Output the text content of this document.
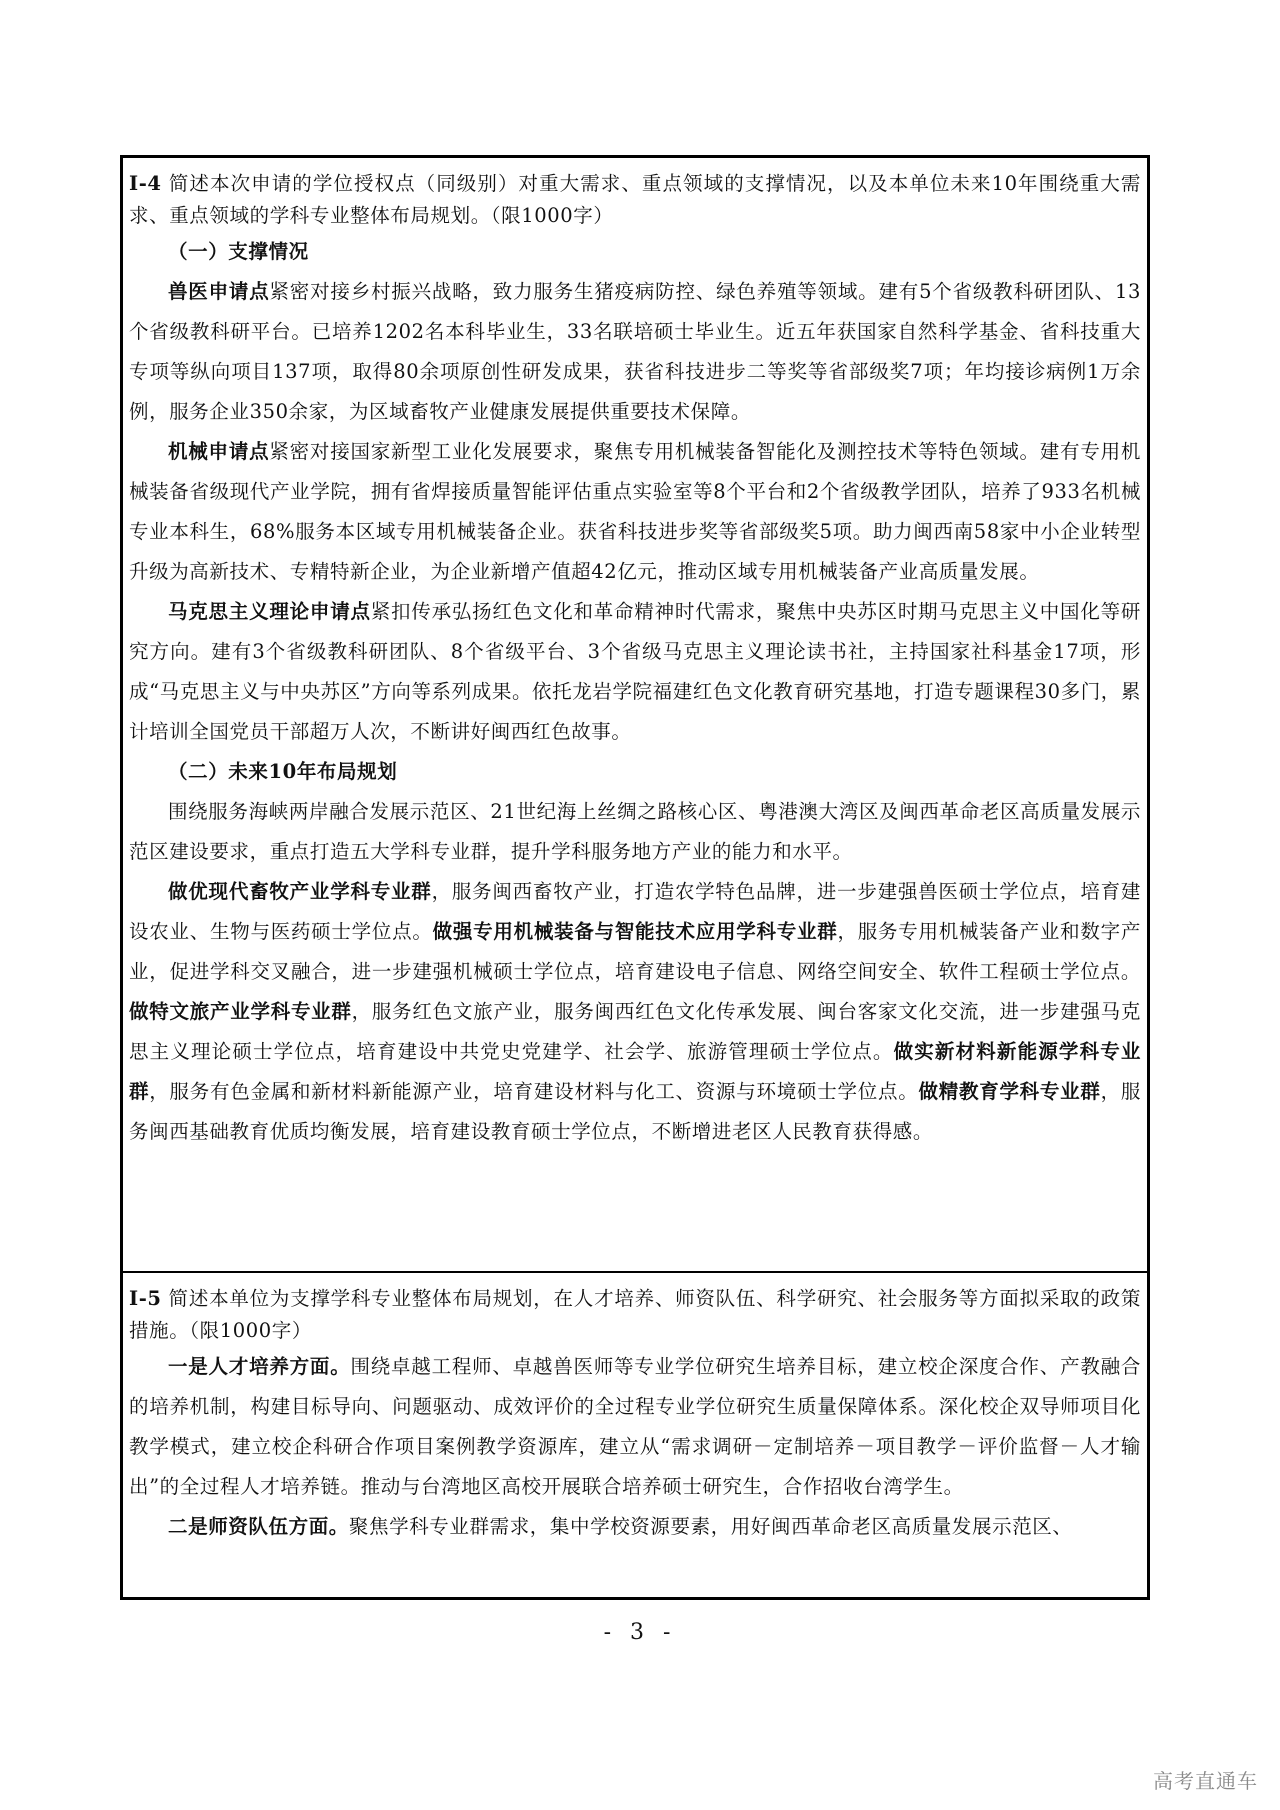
I-4 简述本次申请的学位授权点（同级别）对重大需求、重点领域的支撑情况，以及本单位未来10年围绕重大需求、重点领域的学科专业整体布局规划。（限1000字）

（一）支撑情况

兽医申请点紧密对接乡村振兴战略，致力服务生猪疫病防控、绿色养殖等领域。建有5个省级教科研团队、13个省级教科研平台。已培养1202名本科毕业生，33名联培硕士毕业生。近五年获国家自然科学基金、省科技重大专项等纵向项目137项，取得80余项原创性研发成果，获省科技进步二等奖等省部级奖7项；年均接诊病例1万余例，服务企业350余家，为区域畜牧产业健康发展提供重要技术保障。

机械申请点紧密对接国家新型工业化发展要求，聚焦专用机械装备智能化及测控技术等特色领域。建有专用机械装备省级现代产业学院，拥有省焊接质量智能评估重点实验室等8个平台和2个省级教学团队，培养了933名机械专业本科生，68%服务本区域专用机械装备企业。获省科技进步奖等省部级奖5项。助力闽西南58家中小企业转型升级为高新技术、专精特新企业，为企业新增产值超42亿元，推动区域专用机械装备产业高质量发展。

马克思主义理论申请点紧扣传承弘扬红色文化和革命精神时代需求，聚焦中央苏区时期马克思主义中国化等研究方向。建有3个省级教科研团队、8个省级平台、3个省级马克思主义理论读书社，主持国家社科基金17项，形成“马克思主义与中央苏区”方向等系列成果。依托龙岩学院福建红色文化教育研究基地，打造专题课程30多门，累计培训全国党员干部超万人次，不断讲好闽西红色故事。

（二）未来10年布局规划

围绕服务海峡两岸融合发展示范区、21世纪海上丝绸之路核心区、粤港澳大湾区及闽西革命老区高质量发展示范区建设要求，重点打造五大学科专业群，提升学科服务地方产业的能力和水平。

做优现代畜牧产业学科专业群，服务闽西畜牧产业，打造农学特色品牌，进一步建强兽医硕士学位点，培育建设农业、生物与医药硕士学位点。做强专用机械装备与智能技术应用学科专业群，服务专用机械装备产业和数字产业，促进学科交叉融合，进一步建强机械硕士学位点，培育建设电子信息、网络空间安全、软件工程硕士学位点。做特文旅产业学科专业群，服务红色文旅产业，服务闽西红色文化传承发展、闽台客家文化交流，进一步建强马克思主义理论硕士学位点，培育建设中共党史党建学、社会学、旅游管理硕士学位点。做实新材料新能源学科专业群，服务有色金属和新材料新能源产业，培育建设材料与化工、资源与环境硕士学位点。做精教育学科专业群，服务闽西基础教育优质均衡发展，培育建设教育硕士学位点，不断增进老区人民教育获得感。

I-5 简述本单位为支撑学科专业整体布局规划，在人才培养、师资队伍、科学研究、社会服务等方面拟采取的政策措施。（限1000字）

一是人才培养方面。围绕卓越工程师、卓越兽医师等专业学位研究生培养目标，建立校企深度合作、产教融合的培养机制，构建目标导向、问题驱动、成效评价的全过程专业学位研究生质量保障体系。深化校企双导师项目化教学模式，建立校企科研合作项目案例教学资源库，建立从“需求调研－定制培养－项目教学－评价监督－人才输出”的全过程人才培养链。推动与台湾地区高校开展联合培养硕士研究生，合作招收台湾学生。

二是师资队伍方面。聚焦学科专业群需求，集中学校资源要素，用好闽西革命老区高质量发展示范区、

- 3 -
高考直通车
